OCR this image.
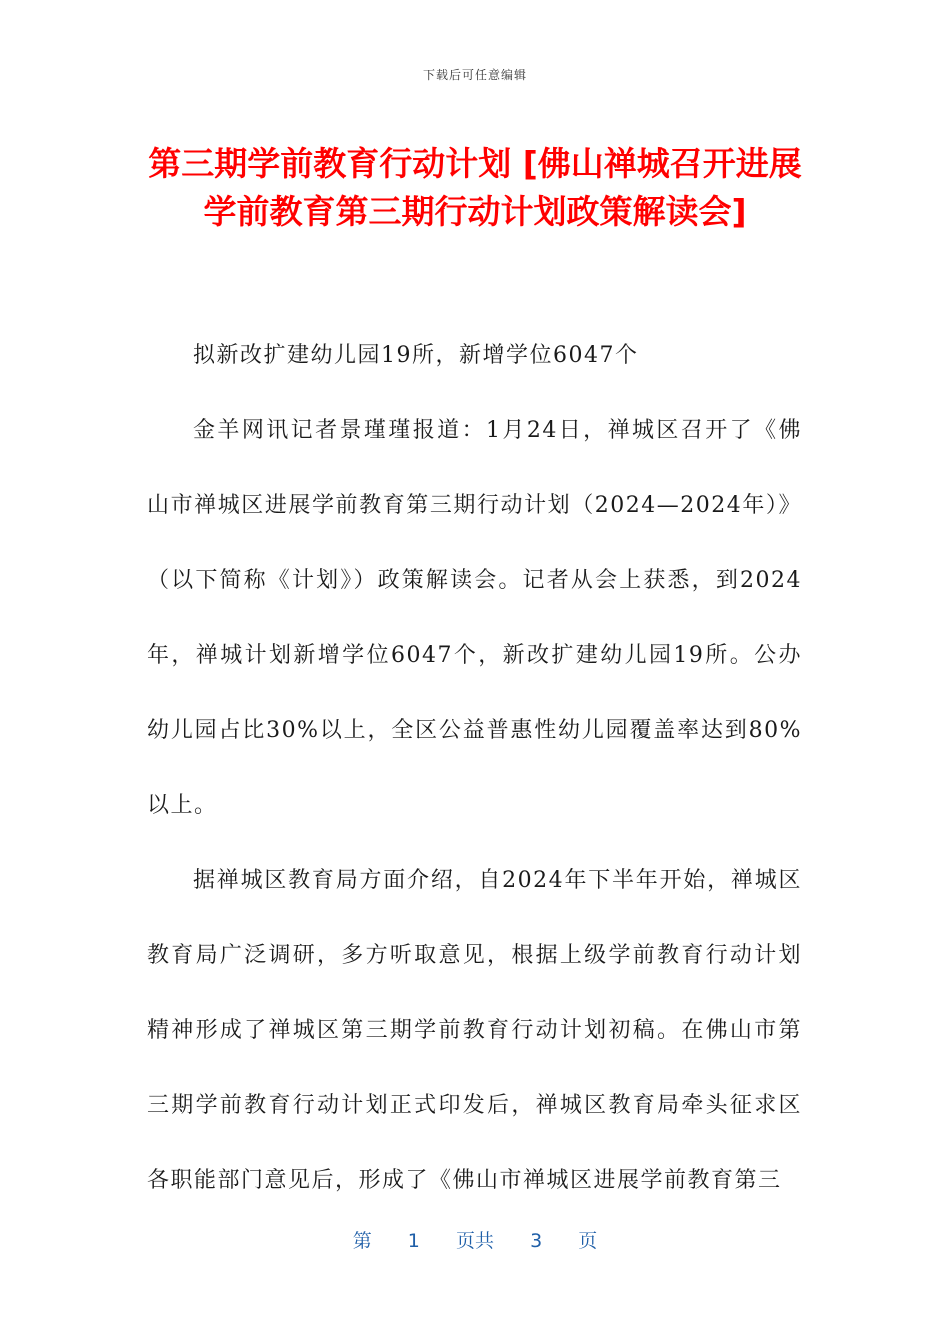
下载后可任意编辑
第三期学前教育行动计划 [佛山禅城召开进展
学前教育第三期行动计划政策解读会]

拟新改扩建幼儿园19所，新增学位6047个

金羊网讯记者景瑾瑾报道：1月24日，禅城区召开了《佛山市禅城区进展学前教育第三期行动计划（2024—2024年）》（以下简称《计划》）政策解读会。记者从会上获悉，到2024年，禅城计划新增学位6047个，新改扩建幼儿园19所。公办幼儿园占比30%以上，全区公益普惠性幼儿园覆盖率达到80%以上。

据禅城区教育局方面介绍，自2024年下半年开始，禅城区教育局广泛调研，多方听取意见，根据上级学前教育行动计划精神形成了禅城区第三期学前教育行动计划初稿。在佛山市第三期学前教育行动计划正式印发后，禅城区教育局牵头征求区各职能部门意见后，形成了《佛山市禅城区进展学前教育第三

第 1 页共 3 页
